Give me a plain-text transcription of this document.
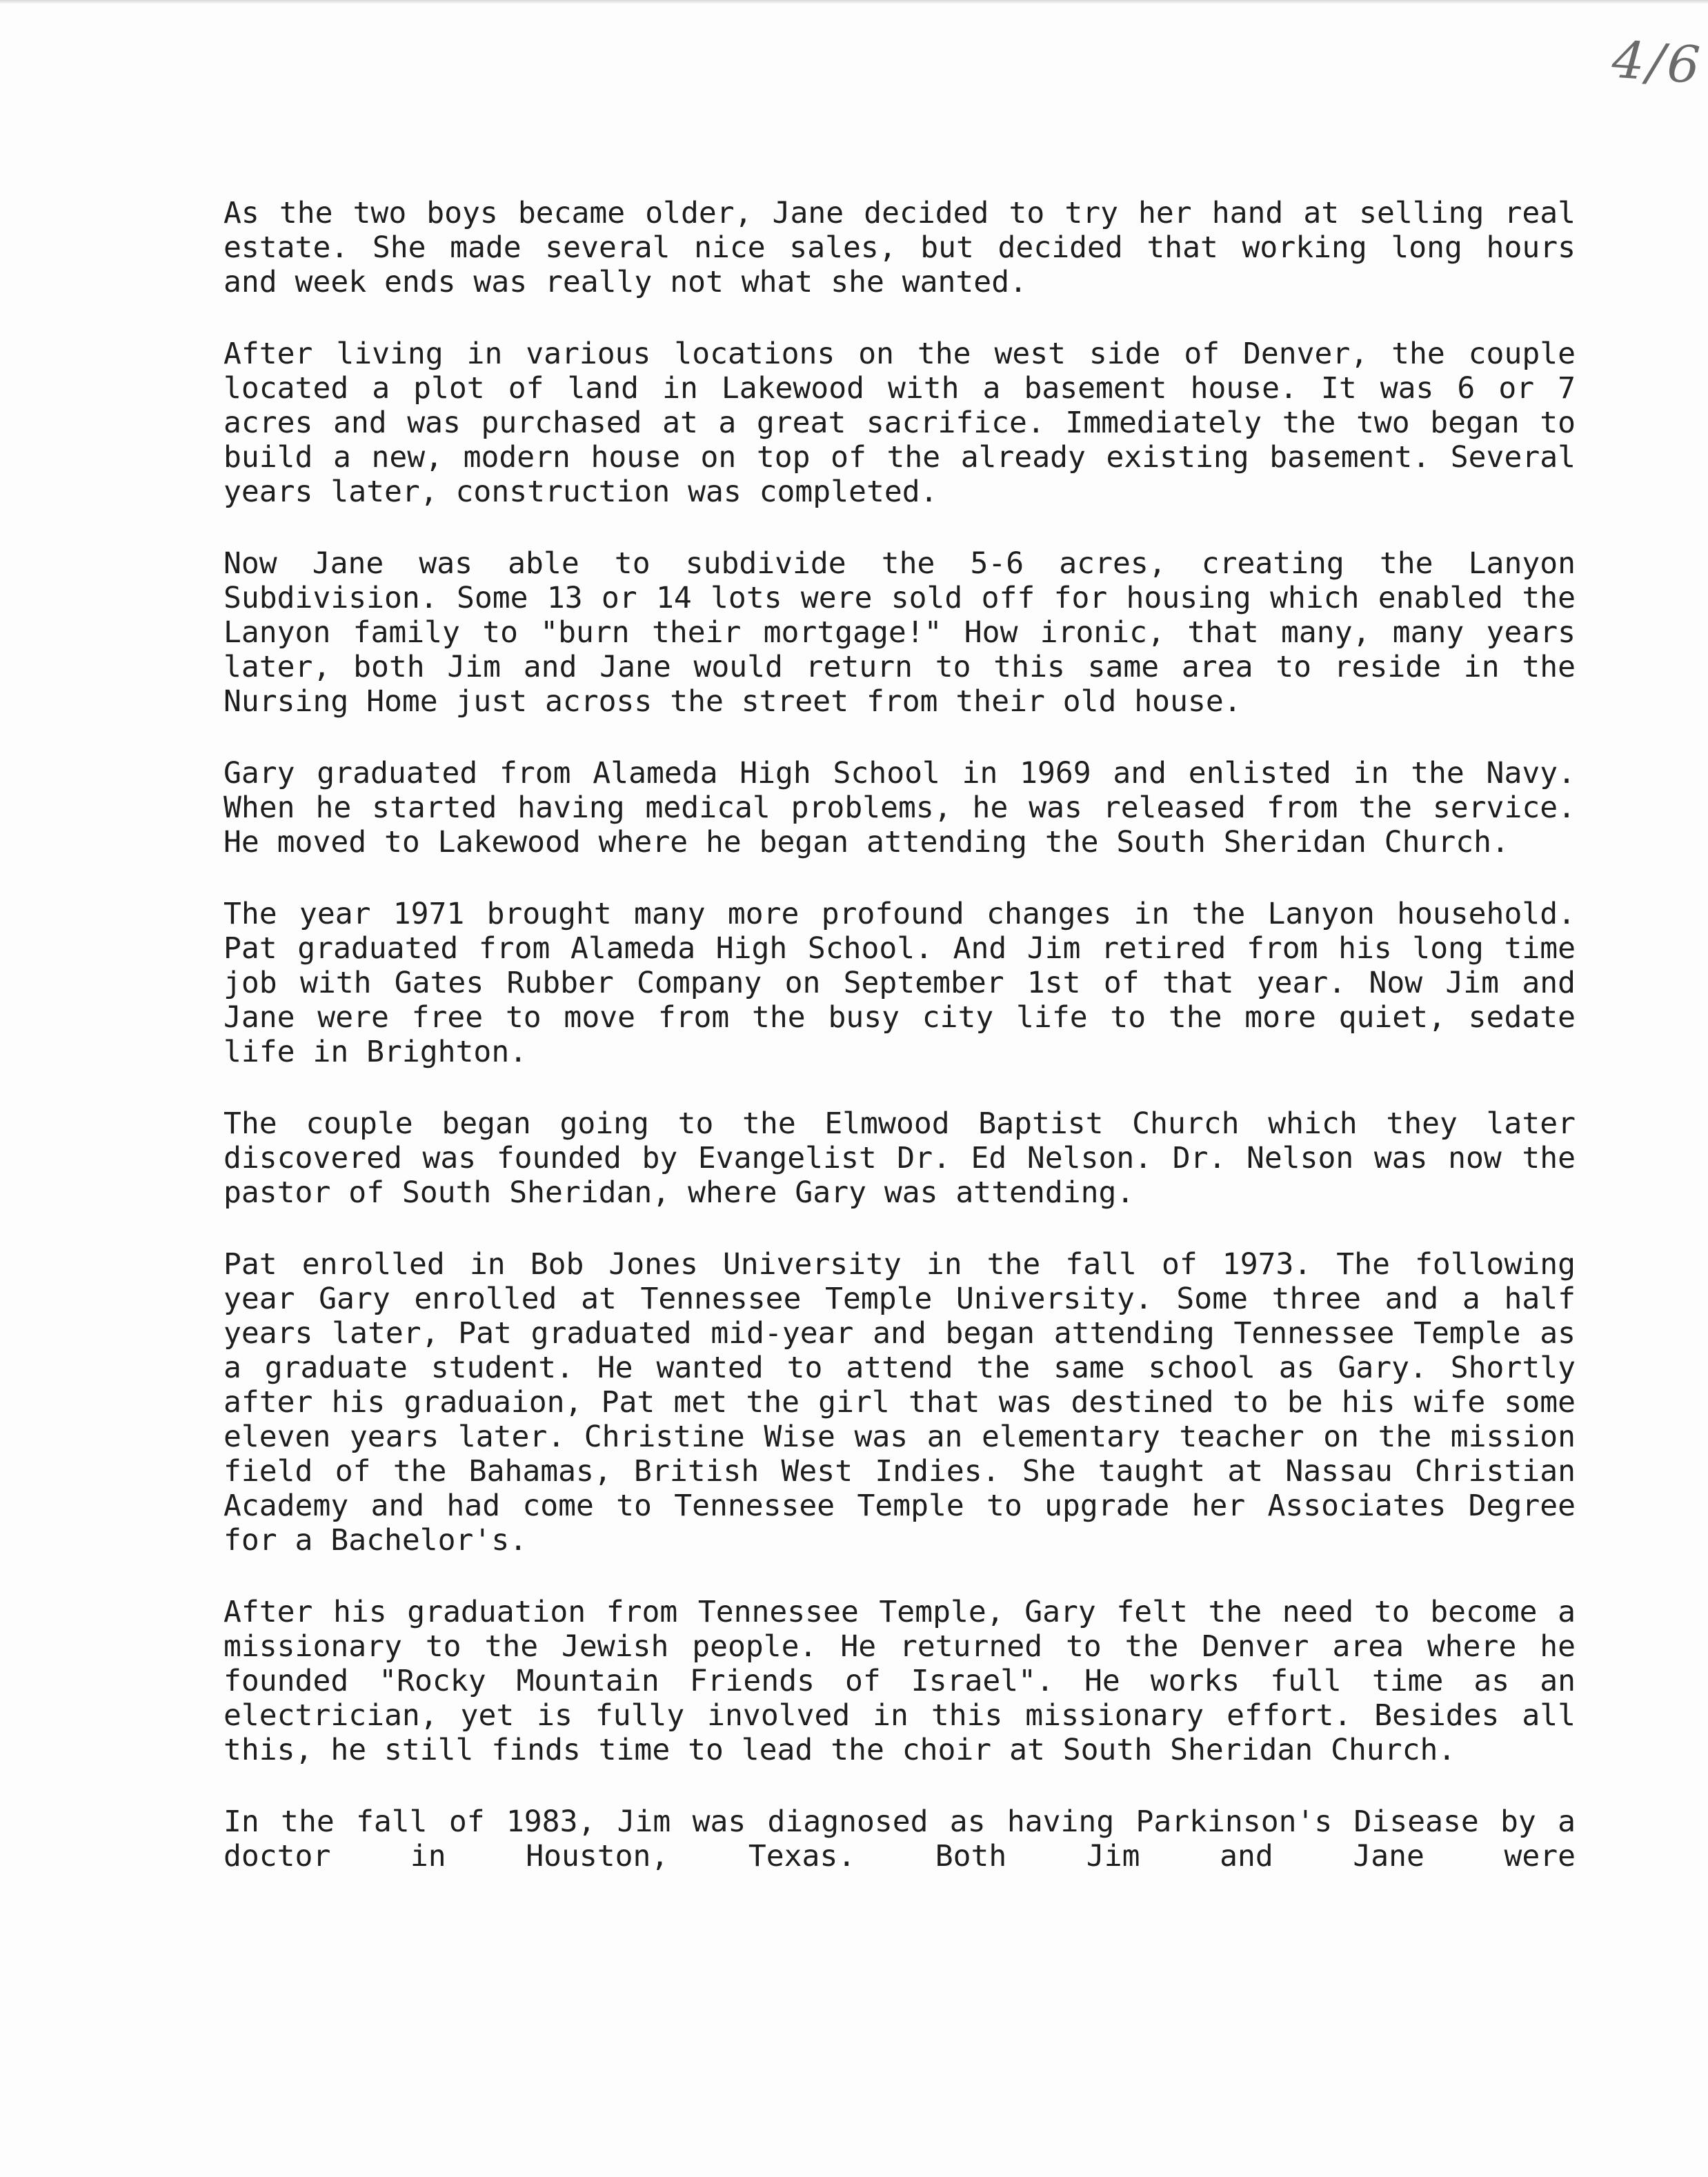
4/6

As the two boys became older, Jane decided to try her hand at selling real estate. She made several nice sales, but decided that working long hours and week ends was really not what she wanted.

After living in various locations on the west side of Denver, the couple located a plot of land in Lakewood with a basement house. It was 6 or 7 acres and was purchased at a great sacrifice. Immediately the two began to build a new, modern house on top of the already existing basement. Several years later, construction was completed.

Now Jane was able to subdivide the 5-6 acres, creating the Lanyon Subdivision. Some 13 or 14 lots were sold off for housing which enabled the Lanyon family to "burn their mortgage!" How ironic, that many, many years later, both Jim and Jane would return to this same area to reside in the Nursing Home just across the street from their old house.

Gary graduated from Alameda High School in 1969 and enlisted in the Navy. When he started having medical problems, he was released from the service. He moved to Lakewood where he began attending the South Sheridan Church.

The year 1971 brought many more profound changes in the Lanyon household. Pat graduated from Alameda High School. And Jim retired from his long time job with Gates Rubber Company on September 1st of that year. Now Jim and Jane were free to move from the busy city life to the more quiet, sedate life in Brighton.

The couple began going to the Elmwood Baptist Church which they later discovered was founded by Evangelist Dr. Ed Nelson. Dr. Nelson was now the pastor of South Sheridan, where Gary was attending.

Pat enrolled in Bob Jones University in the fall of 1973. The following year Gary enrolled at Tennessee Temple University. Some three and a half years later, Pat graduated mid-year and began attending Tennessee Temple as a graduate student. He wanted to attend the same school as Gary. Shortly after his graduaion, Pat met the girl that was destined to be his wife some eleven years later. Christine Wise was an elementary teacher on the mission field of the Bahamas, British West Indies. She taught at Nassau Christian Academy and had come to Tennessee Temple to upgrade her Associates Degree for a Bachelor's.

After his graduation from Tennessee Temple, Gary felt the need to become a missionary to the Jewish people. He returned to the Denver area where he founded "Rocky Mountain Friends of Israel". He works full time as an electrician, yet is fully involved in this missionary effort. Besides all this, he still finds time to lead the choir at South Sheridan Church.

In the fall of 1983, Jim was diagnosed as having Parkinson's Disease by a doctor in Houston, Texas. Both Jim and Jane were
